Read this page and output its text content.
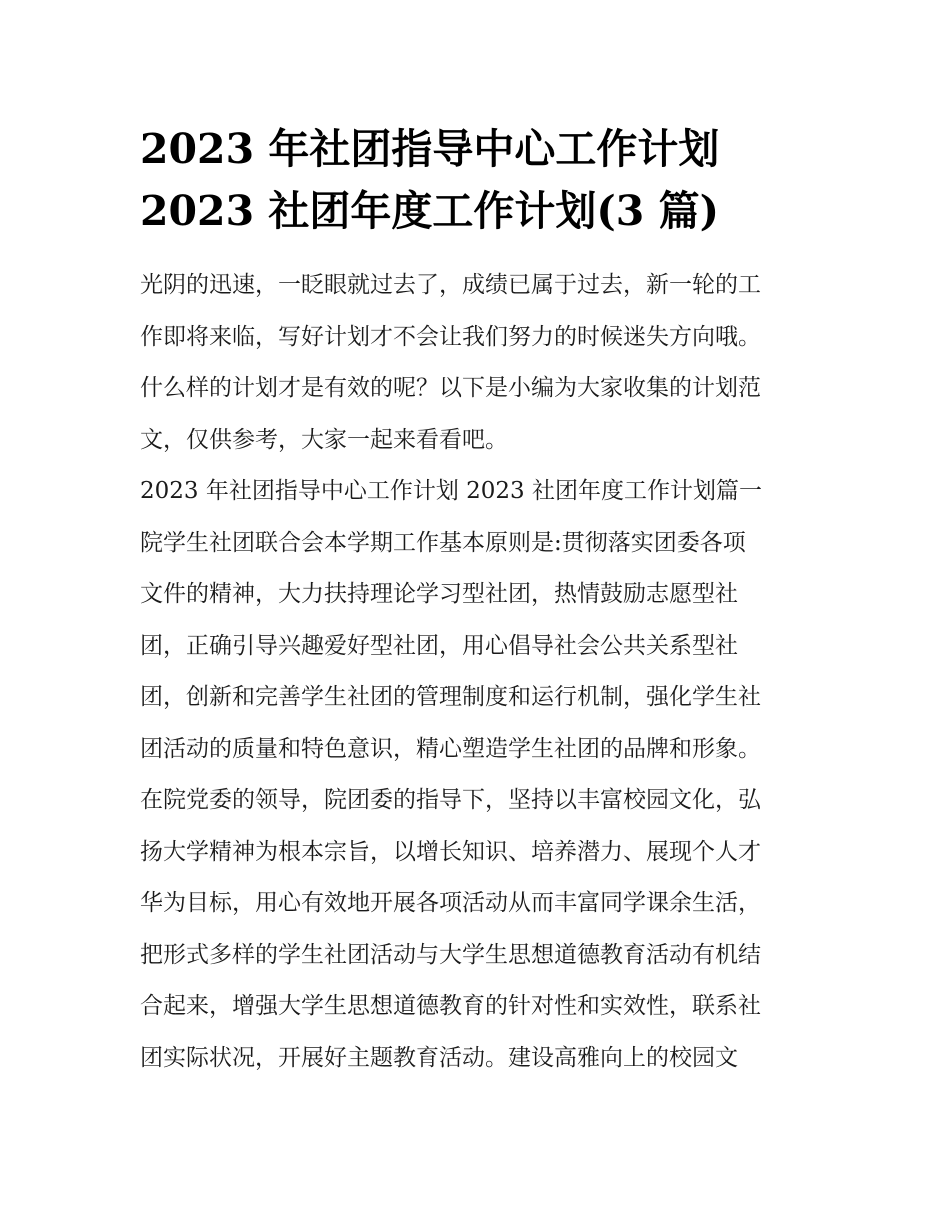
2023 年社团指导中心工作计划
2023 社团年度工作计划(3 篇)
光阴的迅速，一眨眼就过去了，成绩已属于过去，新一轮的工
作即将来临，写好计划才不会让我们努力的时候迷失方向哦。
什么样的计划才是有效的呢？以下是小编为大家收集的计划范
文，仅供参考，大家一起来看看吧。
2023 年社团指导中心工作计划 2023 社团年度工作计划篇一
院学生社团联合会本学期工作基本原则是:贯彻落实团委各项
文件的精神，大力扶持理论学习型社团，热情鼓励志愿型社
团，正确引导兴趣爱好型社团，用心倡导社会公共关系型社
团，创新和完善学生社团的管理制度和运行机制，强化学生社
团活动的质量和特色意识，精心塑造学生社团的品牌和形象。
在院党委的领导，院团委的指导下，坚持以丰富校园文化，弘
扬大学精神为根本宗旨，以增长知识、培养潜力、展现个人才
华为目标，用心有效地开展各项活动从而丰富同学课余生活，
把形式多样的学生社团活动与大学生思想道德教育活动有机结
合起来，增强大学生思想道德教育的针对性和实效性，联系社
团实际状况，开展好主题教育活动。建设高雅向上的校园文
